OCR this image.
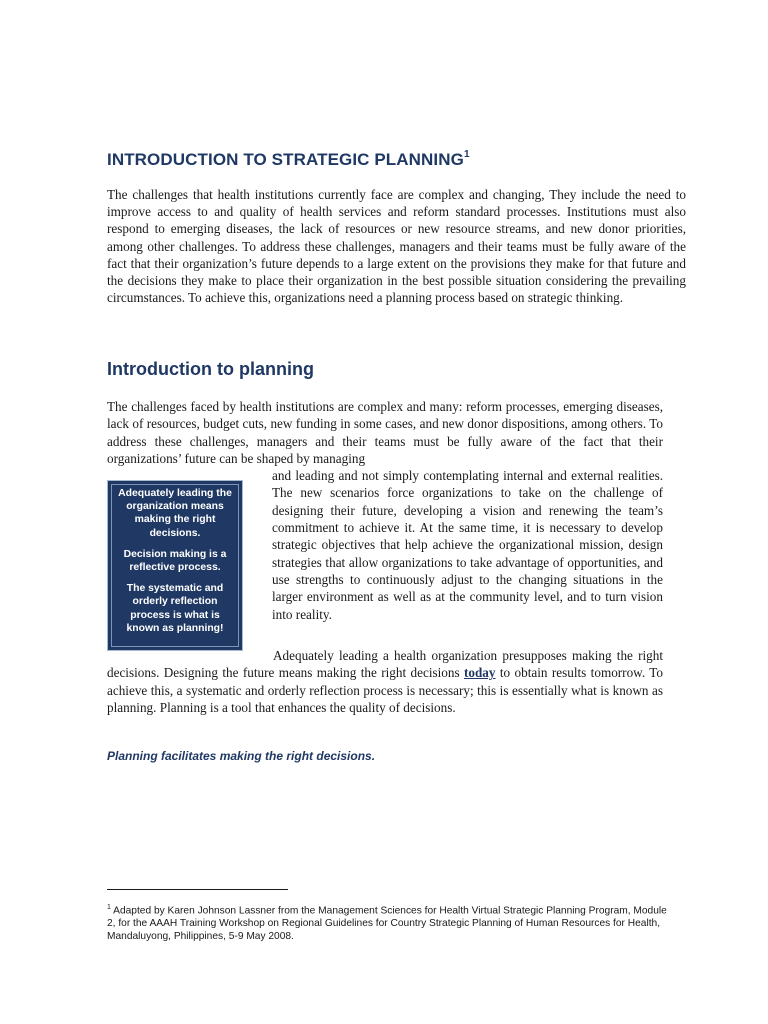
INTRODUCTION TO STRATEGIC PLANNING$^1$

The challenges that health institutions currently face are complex and changing, They include the need to improve access to and quality of health services and reform standard processes. Institutions must also respond to emerging diseases, the lack of resources or new resource streams, and new donor priorities, among other challenges. To address these challenges, managers and their teams must be fully aware of the fact that their organization’s future depends to a large extent on the provisions they make for that future and the decisions they make to place their organization in the best possible situation considering the prevailing circumstances. To achieve this, organizations need a planning process based on strategic thinking.

Introduction to planning

The challenges faced by health institutions are complex and many: reform processes, emerging diseases, lack of resources, budget cuts, new funding in some cases, and new donor dispositions, among others. To address these challenges, managers and their teams must be fully aware of the fact that their organizations’ future can be shaped by managing
and leading and not simply contemplating internal and external realities. The new scenarios force organizations to take on the challenge of designing their future, developing a vision and renewing the team’s commitment to achieve it. At the same time, it is necessary to develop strategic objectives that help achieve the organizational mission, design strategies that allow organizations to take advantage of opportunities, and use strengths to continuously adjust to the changing situations in the larger environment as well as at the community level, and to turn vision into reality.

Adequately leading the organization means making the right decisions.

Decision making is a reflective process.

The systematic and orderly reflection process is what is known as planning!

Adequately leading a health organization presupposes making the right decisions. Designing the future means making the right decisions today to obtain results tomorrow. To achieve this, a systematic and orderly reflection process is necessary; this is essentially what is known as planning. Planning is a tool that enhances the quality of decisions.

Planning facilitates making the right decisions.

$^1$ Adapted by Karen Johnson Lassner from the Management Sciences for Health Virtual Strategic Planning Program, Module 2, for the AAAH Training Workshop on Regional Guidelines for Country Strategic Planning of Human Resources for Health, Mandaluyong, Philippines, 5-9 May 2008.
